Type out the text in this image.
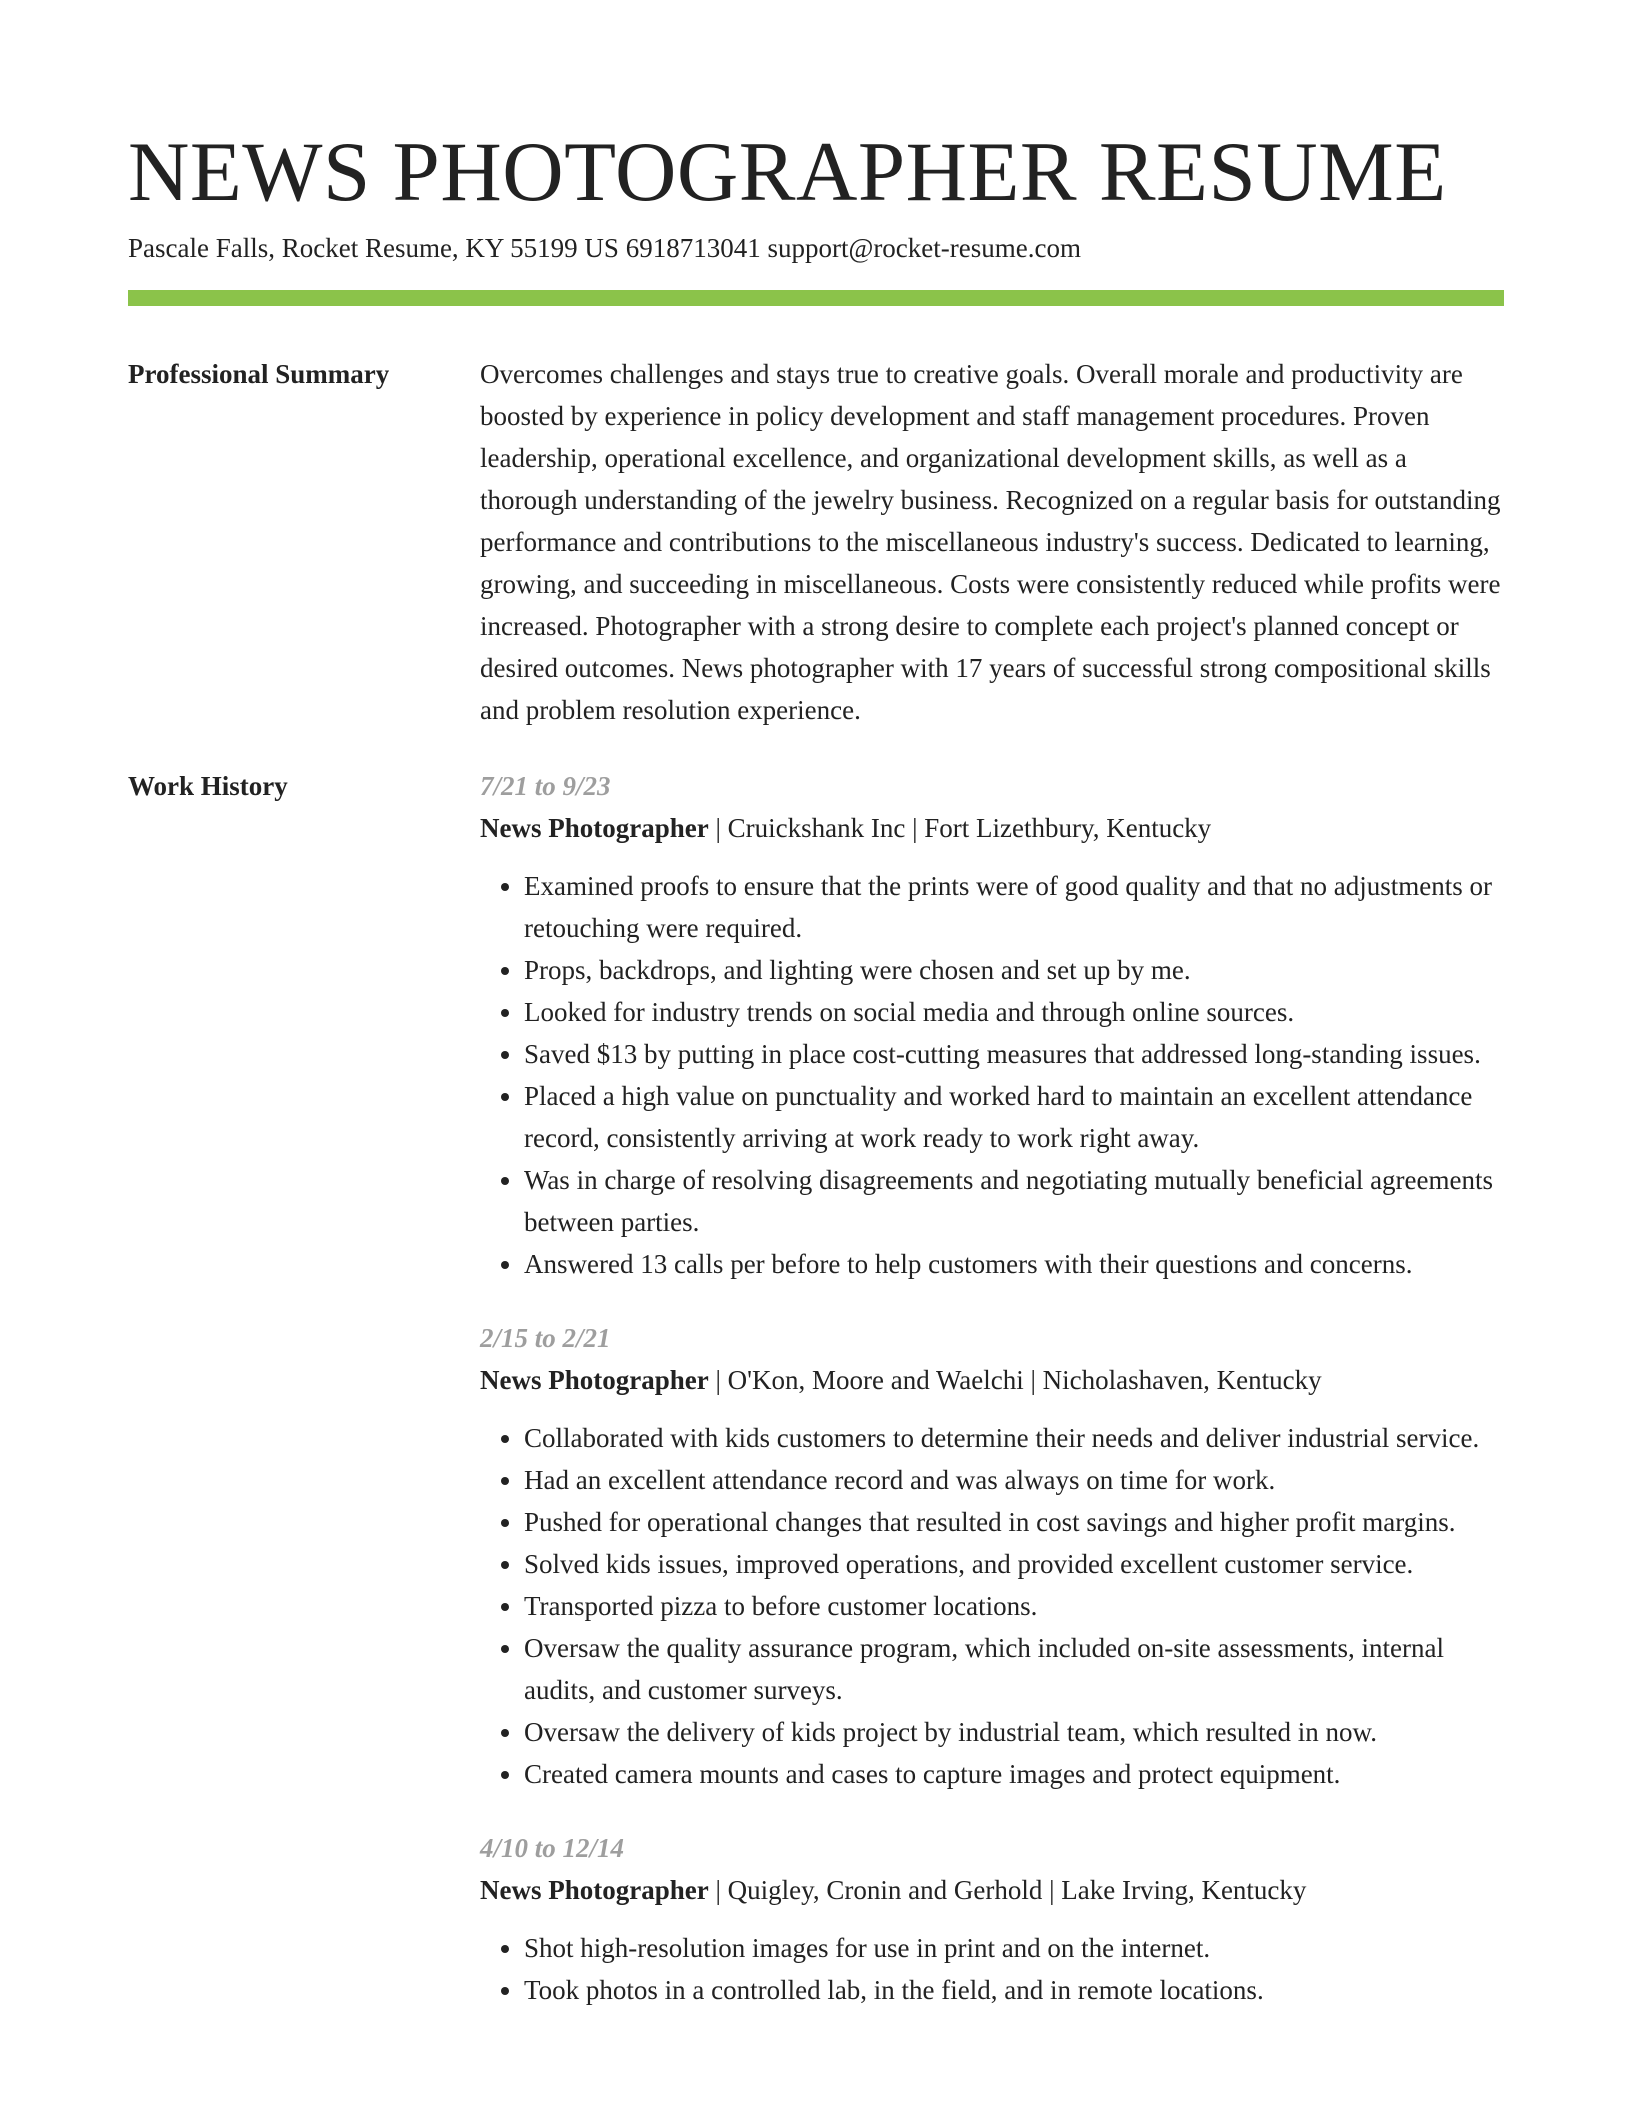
NEWS PHOTOGRAPHER RESUME
Pascale Falls, Rocket Resume, KY 55199 US 6918713041 support@rocket-resume.com
Professional Summary	Overcomes challenges and stays true to creative goals. Overall morale and productivity are boosted by experience in policy development and staff management procedures. Proven leadership, operational excellence, and organizational development skills, as well as a thorough understanding of the jewelry business. Recognized on a regular basis for outstanding performance and contributions to the miscellaneous industry's success. Dedicated to learning, growing, and succeeding in miscellaneous. Costs were consistently reduced while profits were increased. Photographer with a strong desire to complete each project's planned concept or desired outcomes. News photographer with 17 years of successful strong compositional skills and problem resolution experience.

Work History	7/21 to 9/23
News Photographer | Cruickshank Inc | Fort Lizethbury, Kentucky
• Examined proofs to ensure that the prints were of good quality and that no adjustments or retouching were required.
• Props, backdrops, and lighting were chosen and set up by me.
• Looked for industry trends on social media and through online sources.
• Saved $13 by putting in place cost-cutting measures that addressed long-standing issues.
• Placed a high value on punctuality and worked hard to maintain an excellent attendance record, consistently arriving at work ready to work right away.
• Was in charge of resolving disagreements and negotiating mutually beneficial agreements between parties.
• Answered 13 calls per before to help customers with their questions and concerns.
2/15 to 2/21
News Photographer | O'Kon, Moore and Waelchi | Nicholashaven, Kentucky
• Collaborated with kids customers to determine their needs and deliver industrial service.
• Had an excellent attendance record and was always on time for work.
• Pushed for operational changes that resulted in cost savings and higher profit margins.
• Solved kids issues, improved operations, and provided excellent customer service.
• Transported pizza to before customer locations.
• Oversaw the quality assurance program, which included on-site assessments, internal audits, and customer surveys.
• Oversaw the delivery of kids project by industrial team, which resulted in now.
• Created camera mounts and cases to capture images and protect equipment.
4/10 to 12/14
News Photographer | Quigley, Cronin and Gerhold | Lake Irving, Kentucky
• Shot high-resolution images for use in print and on the internet.
• Took photos in a controlled lab, in the field, and in remote locations.
